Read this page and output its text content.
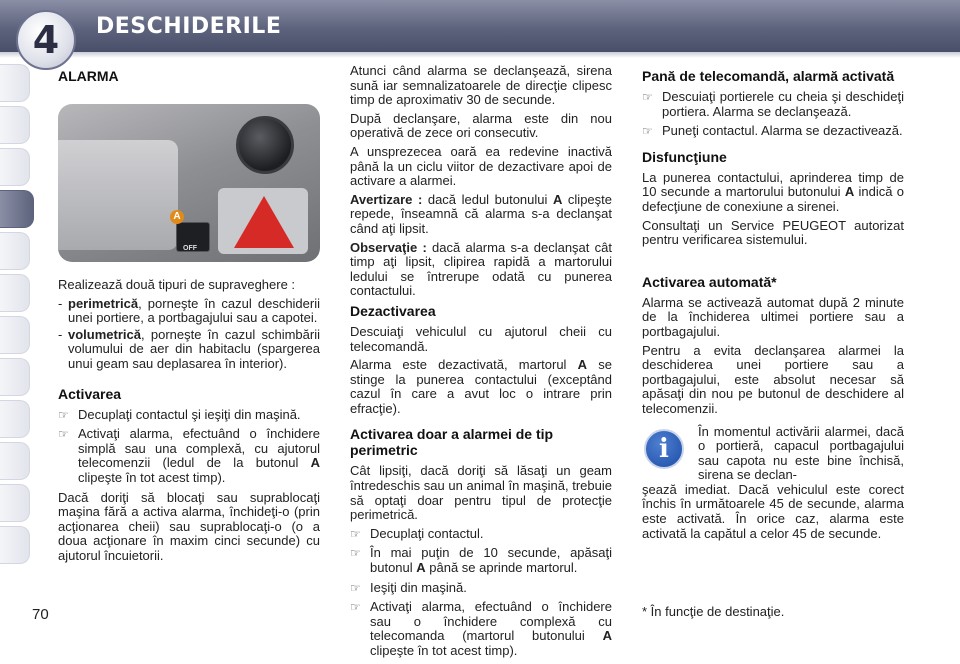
4	DESCHIDERILE
70
ALARMA
A
OFF
Realizează două tipuri de supraveghere :
- perimetrică, porneşte în cazul deschiderii unei portiere, a portbagajului sau a capotei.
- volumetrică, porneşte în cazul schimbării volumului de aer din habitaclu (spargerea unui geam sau deplasarea în interior).
Activarea
☞ Decuplaţi contactul şi ieşiţi din maşină.
☞ Activaţi alarma, efectuând o închidere simplă sau una complexă, cu ajutorul telecomenzii (ledul de la butonul A clipeşte în tot acest timp).
Dacă doriţi să blocaţi sau suprablocaţi maşina fără a activa alarma, închideţi-o (prin acţionarea cheii) sau suprablocaţi-o (o a doua acţionare în maxim cinci secunde) cu ajutorul încuietorii.
Atunci când alarma se declanşează, sirena sună iar semnalizatoarele de direcţie clipesc timp de aproximativ 30 de secunde.
După declanşare, alarma este din nou operativă de zece ori consecutiv.
A unsprezecea oară ea redevine inactivă până la un ciclu viitor de dezactivare apoi de activare a alarmei.
Avertizare : dacă ledul butonului A clipeşte repede, înseamnă că alarma s-a declanşat când aţi lipsit.
Observaţie : dacă alarma s-a declanşat cât timp aţi lipsit, clipirea rapidă a martorului ledului se întrerupe odată cu punerea contactului.
Dezactivarea
Descuiaţi vehiculul cu ajutorul cheii cu telecomandă.
Alarma este dezactivată, martorul A se stinge la punerea contactului (exceptând cazul în care a avut loc o intrare prin efracţie).
Activarea doar a alarmei de tip perimetric
Cât lipsiţi, dacă doriţi să lăsaţi un geam întredeschis sau un animal în maşină, trebuie să optaţi doar pentru tipul de protecţie perimetrică.
☞ Decuplaţi contactul.
☞ În mai puţin de 10 secunde, apăsaţi butonul A până se aprinde martorul.
☞ Ieşiţi din maşină.
☞ Activaţi alarma, efectuând o închidere sau o închidere complexă cu telecomanda (martorul butonului A clipeşte în tot acest timp).
Pană de telecomandă, alarmă activată
☞ Descuiaţi portierele cu cheia şi deschideţi portiera. Alarma se declanşează.
☞ Puneţi contactul. Alarma se dezactivează.
Disfuncţiune
La punerea contactului, aprinderea timp de 10 secunde a martorului butonului A indică o defecţiune de conexiune a sirenei.
Consultaţi un Service PEUGEOT autorizat pentru verificarea sistemului.
Activarea automată*
Alarma se activează automat după 2 minute de la închiderea ultimei portiere sau a portbagajului.
Pentru a evita declanşarea alarmei la deschiderea unei portiere sau a portbagajului, este absolut necesar să apăsaţi din nou pe butonul de deschidere al telecomenzii.
i
În momentul activării alarmei, dacă o portieră, capacul portbagajului sau capota nu este bine închisă, sirena se declan-
şează imediat. Dacă vehiculul este corect închis în următoarele 45 de secunde, alarma este activată. În orice caz, alarma este activată la capătul a celor 45 de secunde.
* În funcţie de destinaţie.
